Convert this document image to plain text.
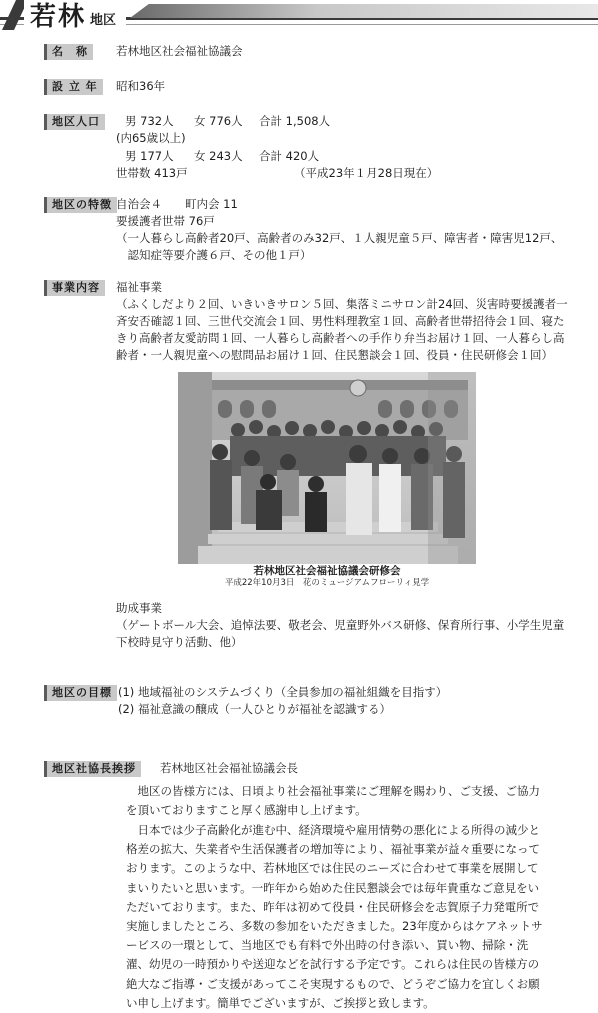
若林 地区
名　称	若林地区社会福祉協議会
設 立 年	昭和36年
地区人口	男 732人 女 776人 合計 1,508人
(内65歳以上)
男 177人 女 243人 合計 420人
世帯数 413戸	（平成23年１月28日現在）
地区の特徴 自治会４　　町内会 11
要援護者世帯 76戸
（一人暮らし高齢者20戸、高齢者のみ32戸、１人親児童５戸、障害者・障害児12戸、
　認知症等要介護６戸、その他１戸）
事業内容	福祉事業
（ふくしだより２回、いきいきサロン５回、集落ミニサロン計24回、災害時要援護者一
斉安否確認１回、三世代交流会１回、男性料理教室１回、高齢者世帯招待会１回、寝た
きり高齢者友愛訪問１回、一人暮らし高齢者への手作り弁当お届け１回、一人暮らし高
齢者・一人親児童への慰問品お届け１回、住民懇談会１回、役員・住民研修会１回）
若林地区社会福祉協議会研修会
平成22年10月3日　花のミュージアムフローリィ見学
助成事業
（ゲートボール大会、追悼法要、敬老会、児童野外バス研修、保育所行事、小学生児童
下校時見守り活動、他）
地区の目標 (1) 地域福祉のシステムづくり（全員参加の福祉組織を目指す）
(2) 福祉意識の醸成（一人ひとりが福祉を認識する）
地区社協長挨拶	若林地区社会福祉協議会長
地区の皆様方には、日頃より社会福祉事業にご理解を賜わり、ご支援、ご協力を頂いておりますこと厚く感謝申し上げます。
日本では少子高齢化が進む中、経済環境や雇用情勢の悪化による所得の減少と格差の拡大、失業者や生活保護者の増加等により、福祉事業が益々重要になっております。このような中、若林地区では住民のニーズに合わせて事業を展開してまいりたいと思います。一昨年から始めた住民懇談会では毎年貴重なご意見をいただいております。また、昨年は初めて役員・住民研修会を志賀原子力発電所で実施しましたところ、多数の参加をいただきました。23年度からはケアネットサービスの一環として、当地区でも有料で外出時の付き添い、買い物、掃除・洗濯、幼児の一時預かりや送迎などを試行する予定です。これらは住民の皆様方の絶大なご指導・ご支援があってこそ実現するもので、どうぞご協力を宜しくお願い申し上げます。簡単でございますが、ご挨拶と致します。
